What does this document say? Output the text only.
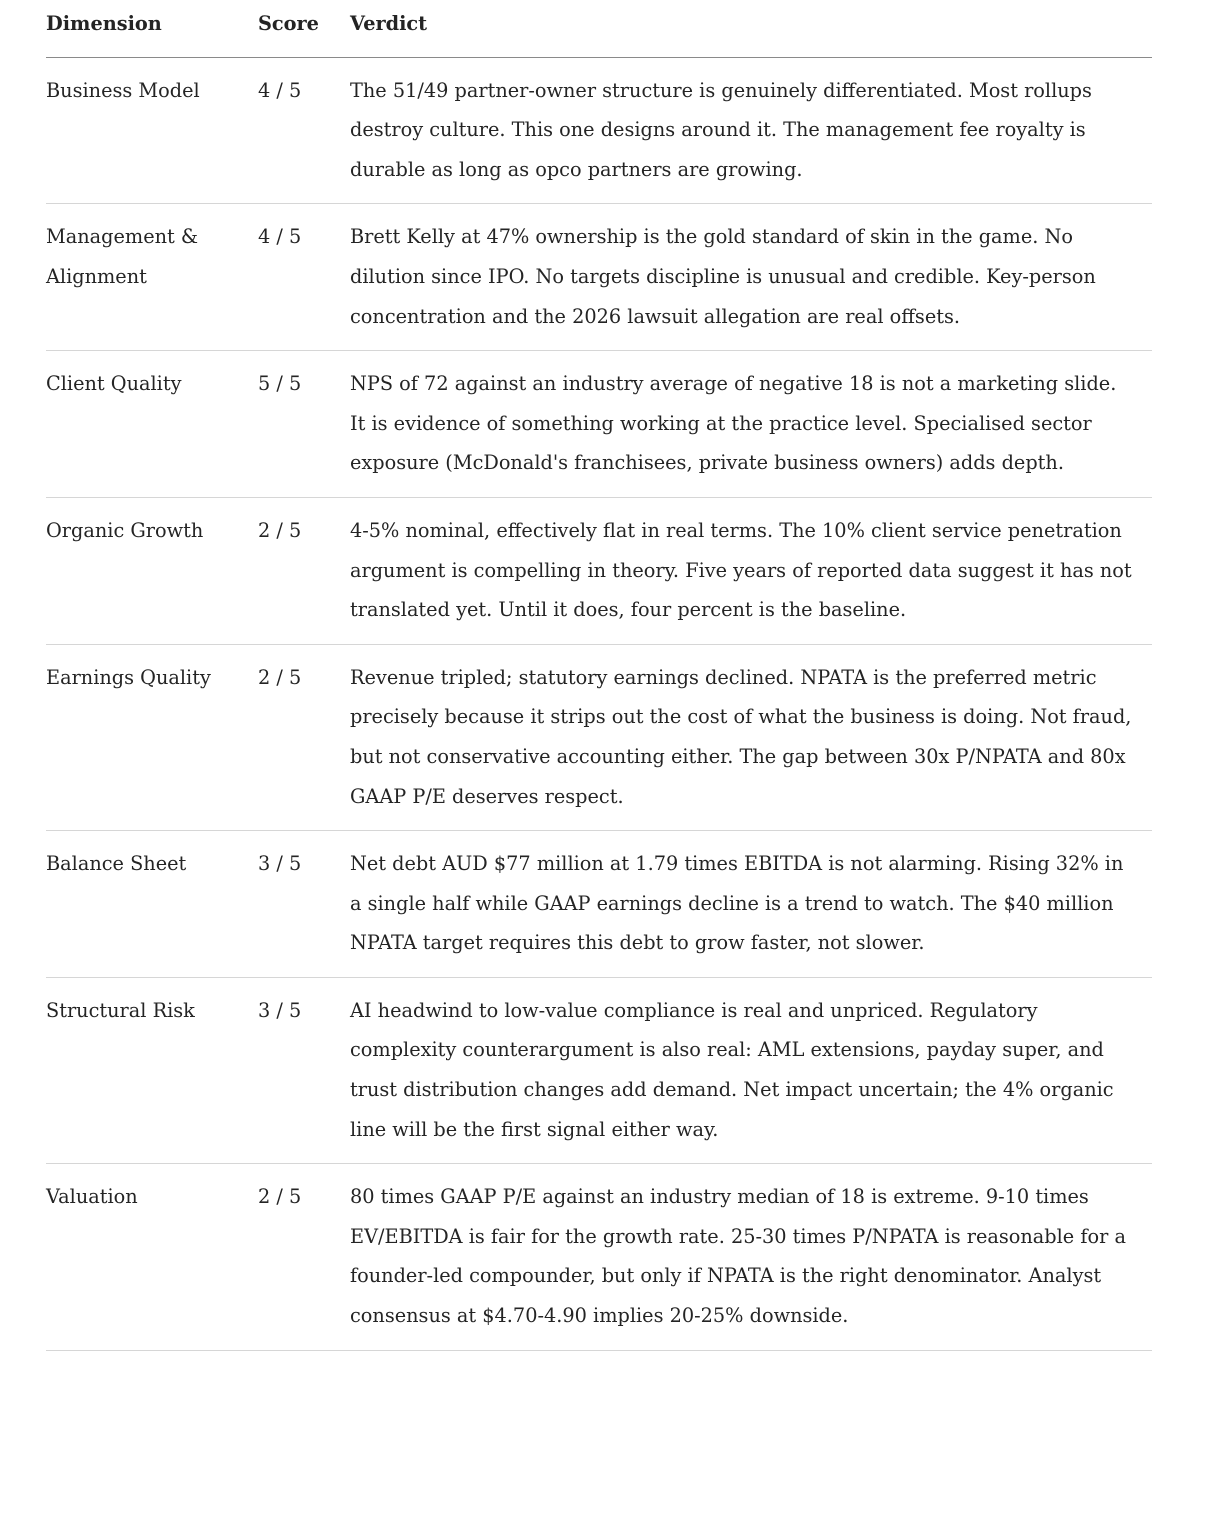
Dimension	Score	Verdict
Business Model	4 / 5	The 51/49 partner-owner structure is genuinely differentiated. Most rollups destroy culture. This one designs around it. The management fee royalty is durable as long as opco partners are growing.
Management & Alignment	4 / 5	Brett Kelly at 47% ownership is the gold standard of skin in the game. No dilution since IPO. No targets discipline is unusual and credible. Key-person concentration and the 2026 lawsuit allegation are real offsets.
Client Quality	5 / 5	NPS of 72 against an industry average of negative 18 is not a marketing slide. It is evidence of something working at the practice level. Specialised sector exposure (McDonald's franchisees, private business owners) adds depth.
Organic Growth	2 / 5	4-5% nominal, effectively flat in real terms. The 10% client service penetration argument is compelling in theory. Five years of reported data suggest it has not translated yet. Until it does, four percent is the baseline.
Earnings Quality	2 / 5	Revenue tripled; statutory earnings declined. NPATA is the preferred metric precisely because it strips out the cost of what the business is doing. Not fraud, but not conservative accounting either. The gap between 30x P/NPATA and 80x GAAP P/E deserves respect.
Balance Sheet	3 / 5	Net debt AUD $77 million at 1.79 times EBITDA is not alarming. Rising 32% in a single half while GAAP earnings decline is a trend to watch. The $40 million NPATA target requires this debt to grow faster, not slower.
Structural Risk	3 / 5	AI headwind to low-value compliance is real and unpriced. Regulatory complexity counterargument is also real: AML extensions, payday super, and trust distribution changes add demand. Net impact uncertain; the 4% organic line will be the first signal either way.
Valuation	2 / 5	80 times GAAP P/E against an industry median of 18 is extreme. 9-10 times EV/EBITDA is fair for the growth rate. 25-30 times P/NPATA is reasonable for a founder-led compounder, but only if NPATA is the right denominator. Analyst consensus at $4.70-4.90 implies 20-25% downside.
